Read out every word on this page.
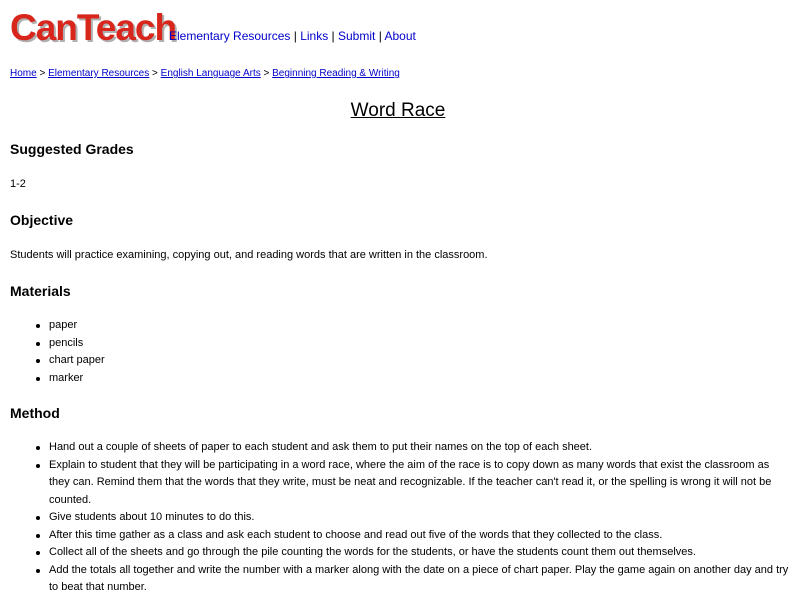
CanTeach
Elementary Resources | Links | Submit | About
Home > Elementary Resources > English Language Arts > Beginning Reading & Writing
Word Race
Suggested Grades
1-2
Objective
Students will practice examining, copying out, and reading words that are written in the classroom.
Materials
paper
pencils
chart paper
marker
Method
Hand out a couple of sheets of paper to each student and ask them to put their names on the top of each sheet.
Explain to student that they will be participating in a word race, where the aim of the race is to copy down as many words that exist the classroom as they can. Remind them that the words that they write, must be neat and recognizable. If the teacher can't read it, or the spelling is wrong it will not be counted.
Give students about 10 minutes to do this.
After this time gather as a class and ask each student to choose and read out five of the words that they collected to the class.
Collect all of the sheets and go through the pile counting the words for the students, or have the students count them out themselves.
Add the totals all together and write the number with a marker along with the date on a piece of chart paper. Play the game again on another day and try to beat that number.
